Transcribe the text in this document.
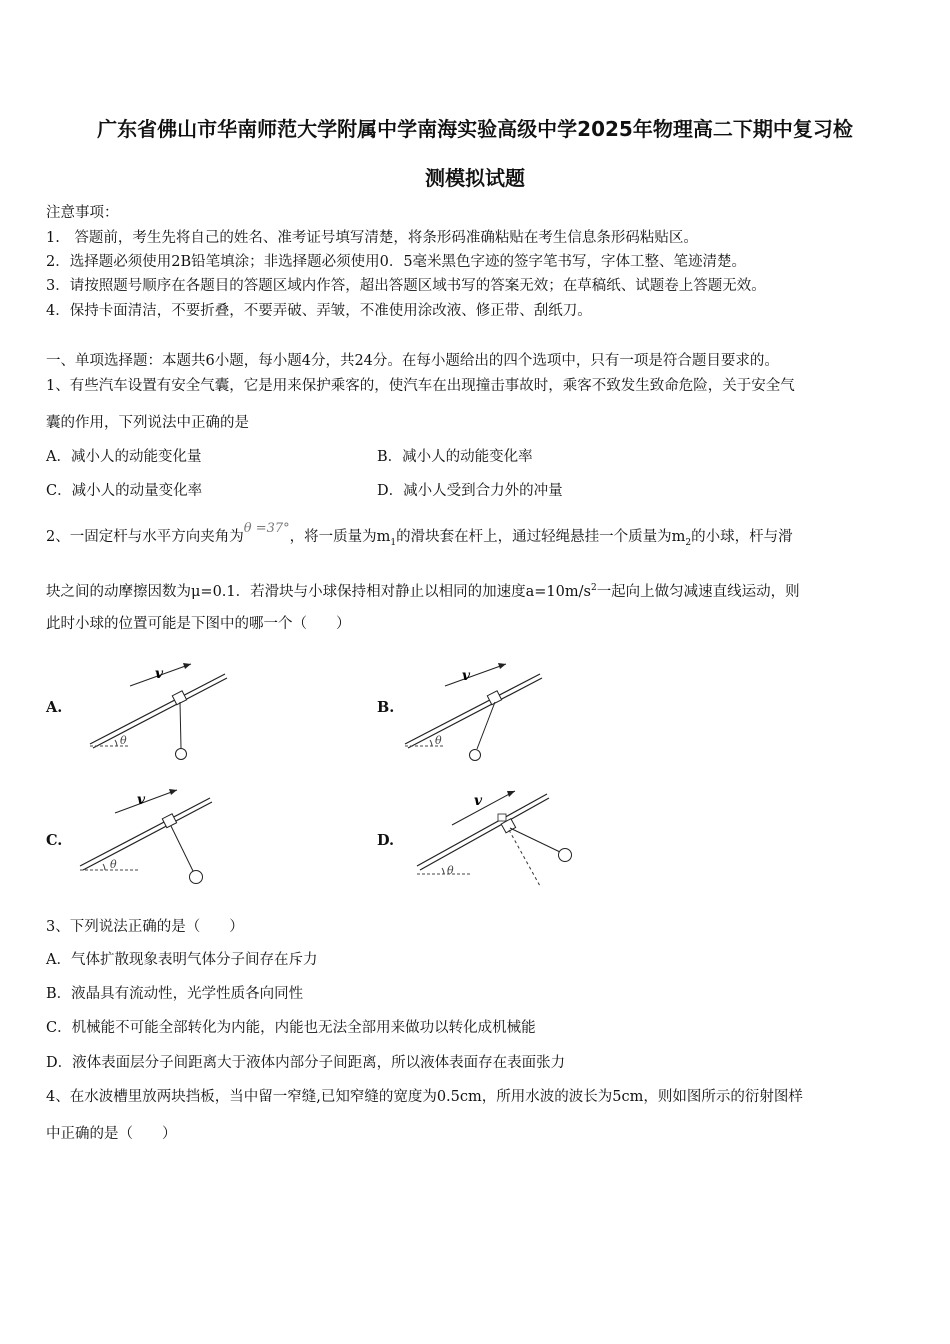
广东省佛山市华南师范大学附属中学南海实验高级中学2025年物理高二下期中复习检
测模拟试题
注意事项：
1.　答题前，考生先将自己的姓名、准考证号填写清楚，将条形码准确粘贴在考生信息条形码粘贴区。
2．选择题必须使用2B铅笔填涂；非选择题必须使用0．5毫米黑色字迹的签字笔书写，字体工整、笔迹清楚。
3．请按照题号顺序在各题目的答题区域内作答，超出答题区域书写的答案无效；在草稿纸、试题卷上答题无效。
4．保持卡面清洁，不要折叠，不要弄破、弄皱，不准使用涂改液、修正带、刮纸刀。
一、单项选择题：本题共6小题，每小题4分，共24分。在每小题给出的四个选项中，只有一项是符合题目要求的。
1、有些汽车设置有安全气囊，它是用来保护乘客的，使汽车在出现撞击事故时，乘客不致发生致命危险，关于安全气
囊的作用，下列说法中正确的是
A．减小人的动能变化量	B．减小人的动能变化率
C．减小人的动量变化率	D．减小人受到合力外的冲量
2、一固定杆与水平方向夹角为θ =37°，将一质量为$m_1$的滑块套在杆上，通过轻绳悬挂一个质量为$m_2$的小球，杆与滑
块之间的动摩擦因数为μ=0.1．若滑块与小球保持相对静止以相同的加速度$a=10m/s^2$一起向上做匀减速直线运动，则
此时小球的位置可能是下图中的哪一个（　　）
A.	B.
C.	D.
θ
v
θ
v
θ
v
θ
v
3、下列说法正确的是（　　）
A．气体扩散现象表明气体分子间存在斥力
B．液晶具有流动性，光学性质各向同性
C．机械能不可能全部转化为内能，内能也无法全部用来做功以转化成机械能
D．液体表面层分子间距离大于液体内部分子间距离，所以液体表面存在表面张力
4、在水波槽里放两块挡板，当中留一窄缝,已知窄缝的宽度为0.5cm，所用水波的波长为5cm，则如图所示的衍射图样
中正确的是（　　）
